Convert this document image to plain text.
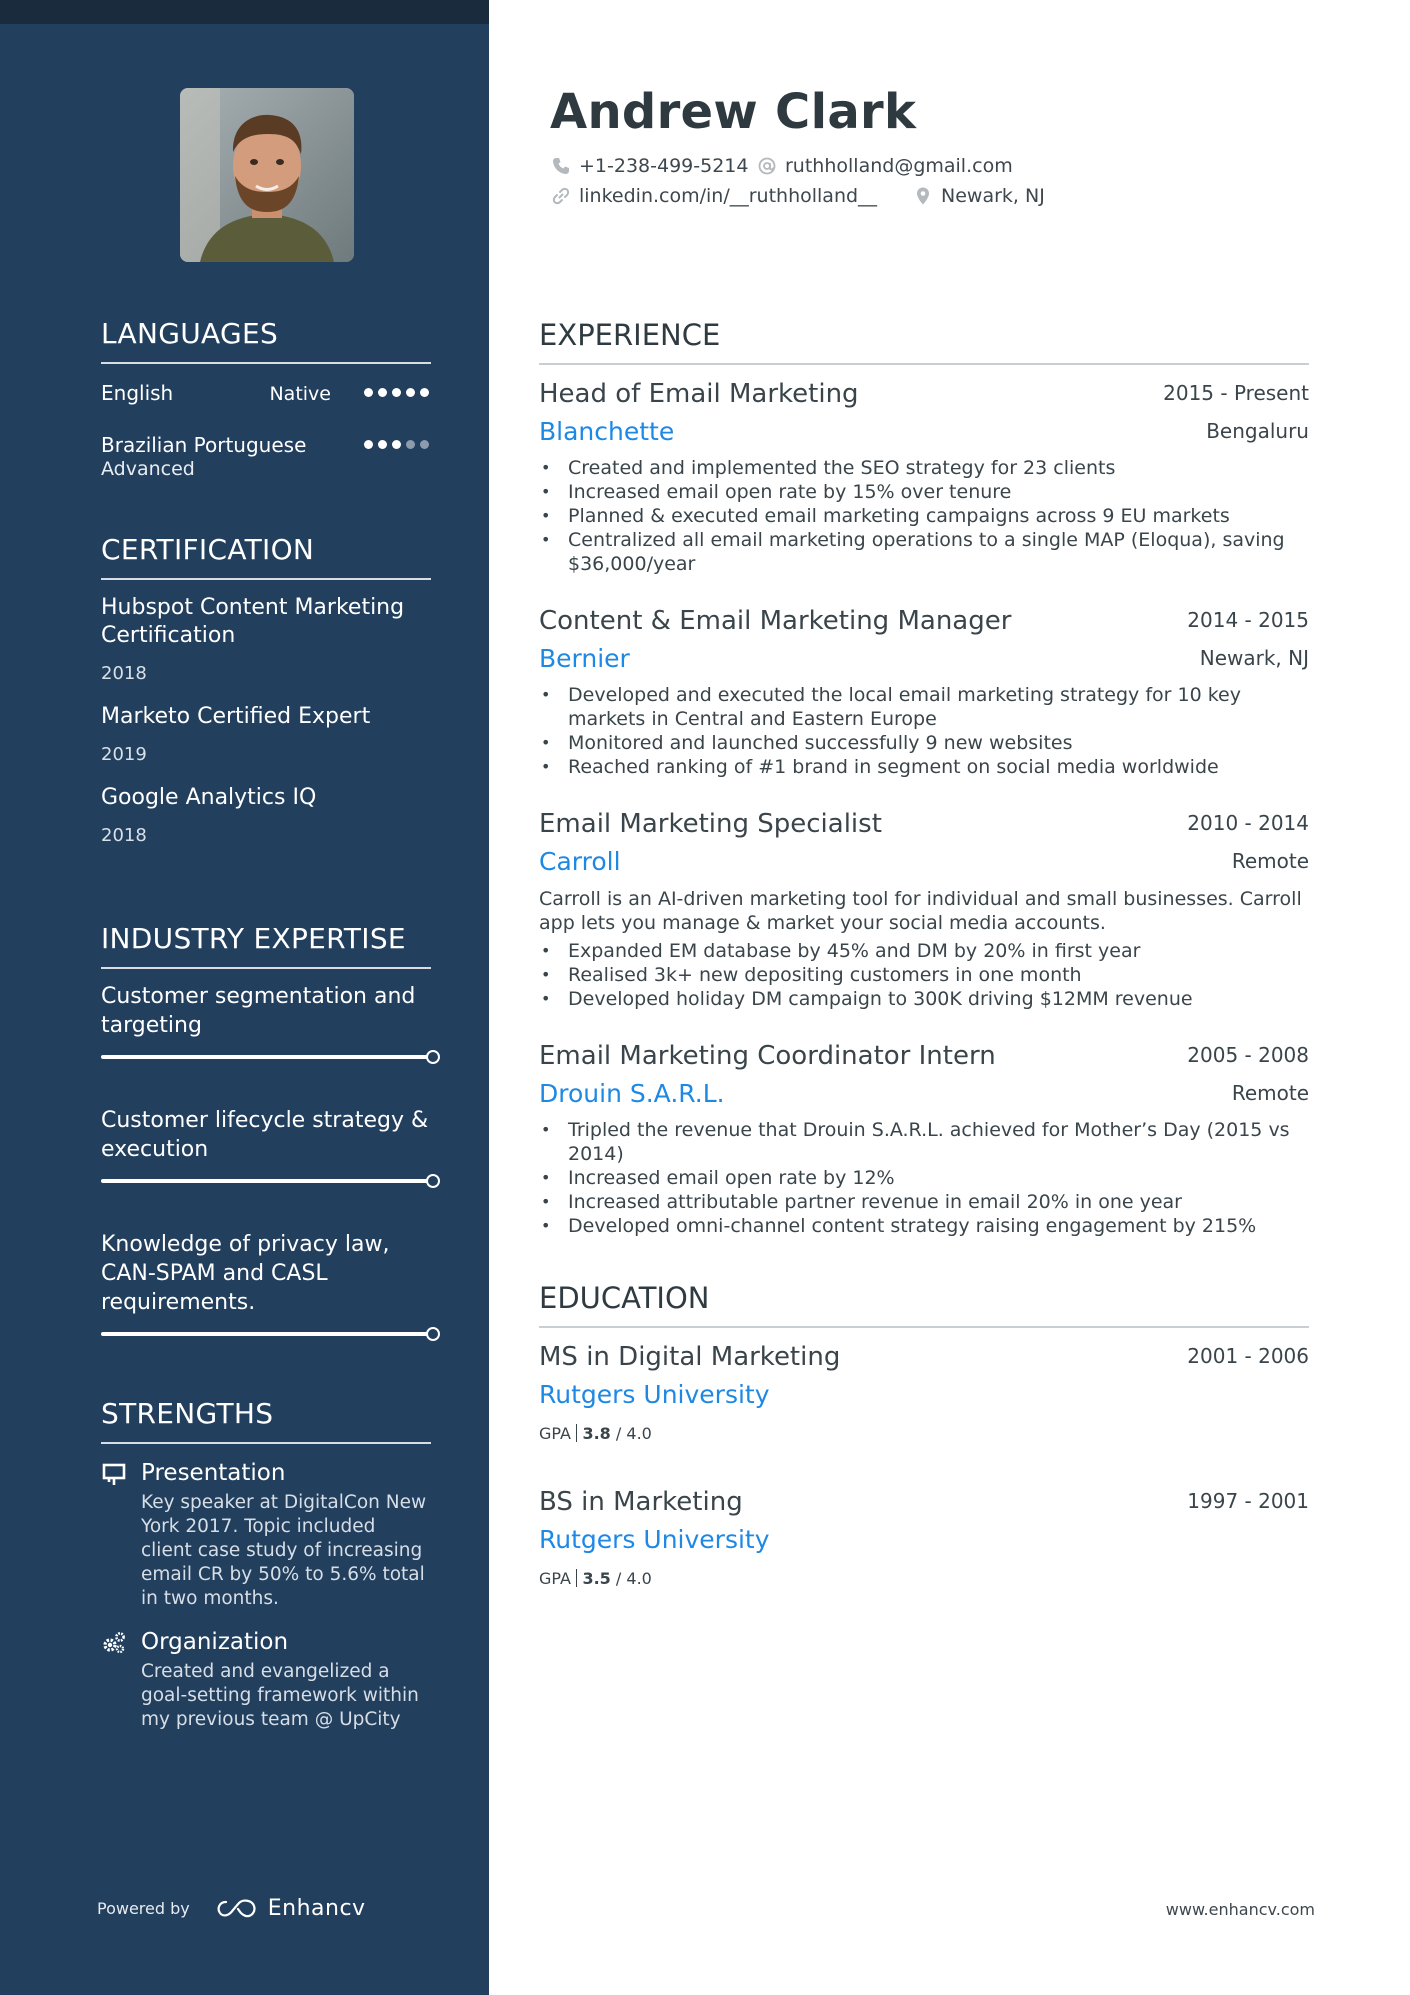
LANGUAGES
English	Native
Brazilian Portuguese
Advanced
CERTIFICATION
Hubspot Content Marketing Certification
2018
Marketo Certified Expert
2019
Google Analytics IQ
2018
INDUSTRY EXPERTISE
Customer segmentation and targeting
Customer lifecycle strategy & execution
Knowledge of privacy law, CAN-SPAM and CASL requirements.
STRENGTHS
Presentation
Key speaker at DigitalCon New York 2017. Topic included client case study of increasing email CR by 50% to 5.6% total in two months.
Organization
Created and evangelized a goal-setting framework within my previous team @ UpCity
Powered by	Enhancv
Andrew Clark
+1-238-499-5214 ruthholland@gmail.com
linkedin.com/in/__ruthholland__	Newark, NJ
EXPERIENCE
Head of Email Marketing	2015 - Present
Blanchette	Bengaluru
• Created and implemented the SEO strategy for 23 clients
• Increased email open rate by 15% over tenure
• Planned & executed email marketing campaigns across 9 EU markets
• Centralized all email marketing operations to a single MAP (Eloqua), saving $36,000/year
Content & Email Marketing Manager	2014 - 2015
Bernier	Newark, NJ
• Developed and executed the local email marketing strategy for 10 key markets in Central and Eastern Europe
• Monitored and launched successfully 9 new websites
• Reached ranking of #1 brand in segment on social media worldwide
Email Marketing Specialist	2010 - 2014
Carroll	Remote
Carroll is an AI-driven marketing tool for individual and small businesses. Carroll app lets you manage & market your social media accounts.
• Expanded EM database by 45% and DM by 20% in first year
• Realised 3k+ new depositing customers in one month
• Developed holiday DM campaign to 300K driving $12MM revenue
Email Marketing Coordinator Intern	2005 - 2008
Drouin S.A.R.L.	Remote
• Tripled the revenue that Drouin S.A.R.L. achieved for Mother’s Day (2015 vs 2014)
• Increased email open rate by 12%
• Increased attributable partner revenue in email 20% in one year
• Developed omni-channel content strategy raising engagement by 215%
EDUCATION
MS in Digital Marketing	2001 - 2006
Rutgers University
GPA 3.8 / 4.0
BS in Marketing	1997 - 2001
Rutgers University
GPA 3.5 / 4.0
www.enhancv.com
